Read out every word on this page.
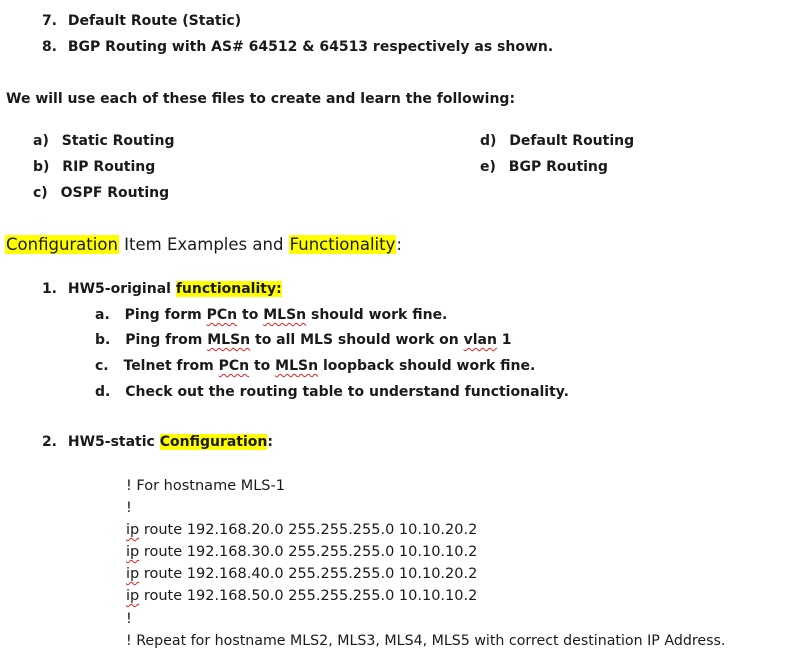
7. Default Route (Static)
8. BGP Routing with AS# 64512 & 64513 respectively as shown.
We will use each of these files to create and learn the following:
a) Static Routing
b) RIP Routing
c) OSPF Routing
d) Default Routing
e) BGP Routing
Configuration Item Examples and Functionality:
1. HW5-original functionality:
a. Ping form PCn to MLSn should work fine.
b. Ping from MLSn to all MLS should work on vlan 1
c. Telnet from PCn to MLSn loopback should work fine.
d. Check out the routing table to understand functionality.
2. HW5-static Configuration:
! For hostname MLS-1
!
ip route 192.168.20.0 255.255.255.0 10.10.20.2
ip route 192.168.30.0 255.255.255.0 10.10.10.2
ip route 192.168.40.0 255.255.255.0 10.10.20.2
ip route 192.168.50.0 255.255.255.0 10.10.10.2
!
! Repeat for hostname MLS2, MLS3, MLS4, MLS5 with correct destination IP Address.
